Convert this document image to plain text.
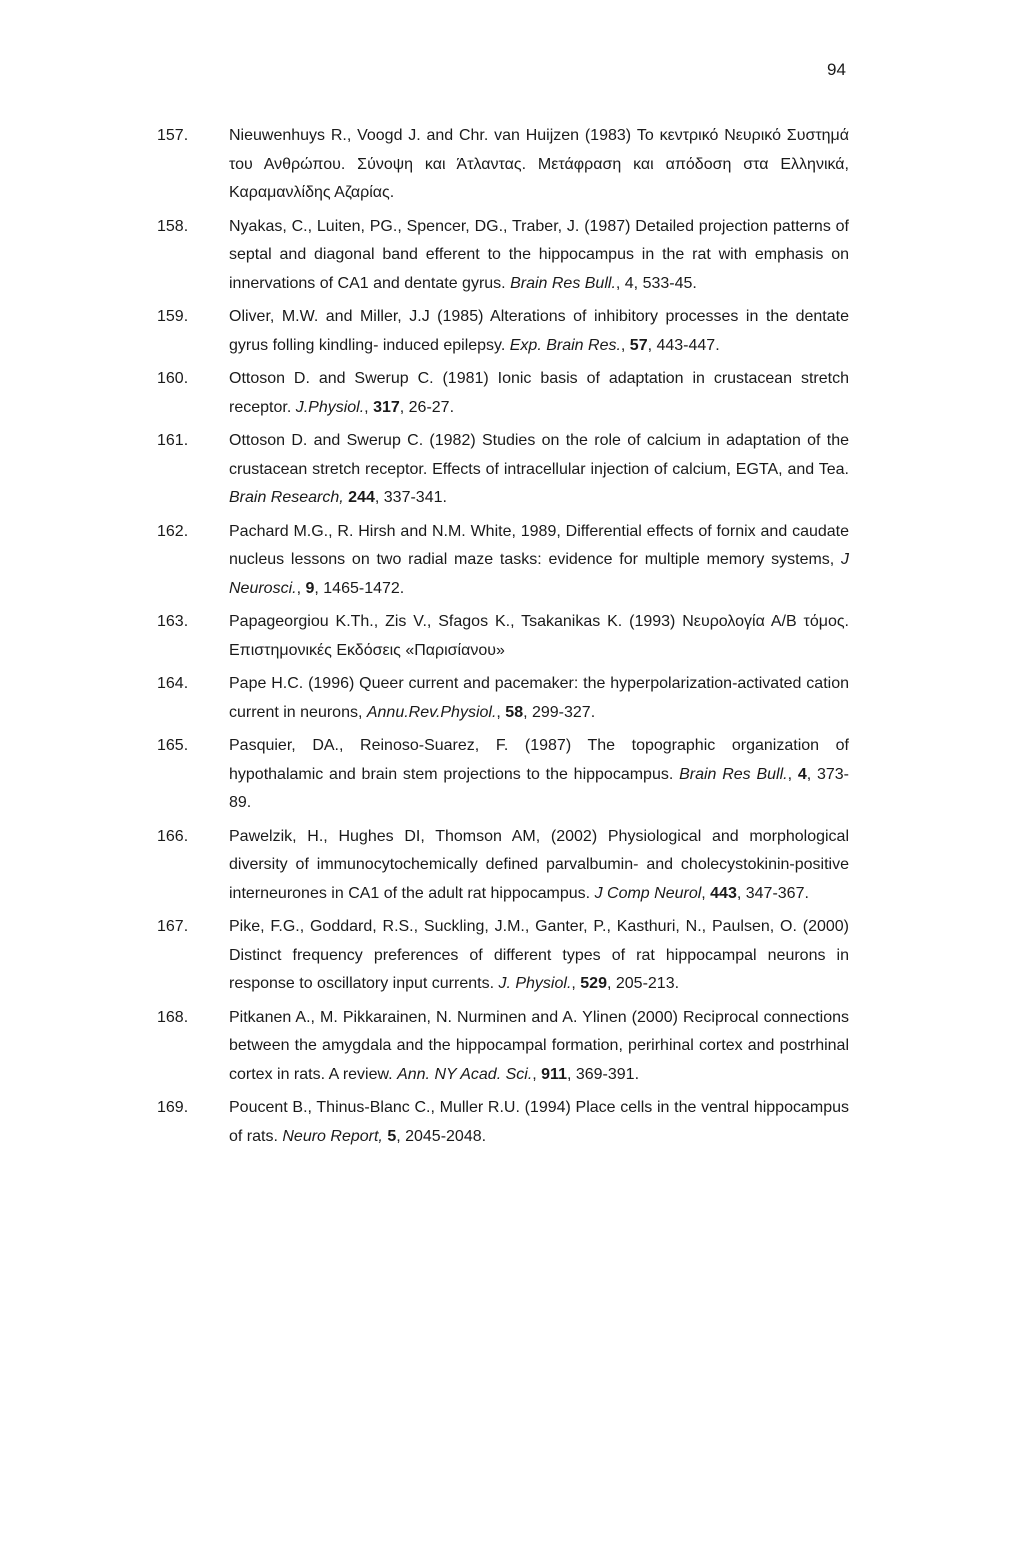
94
157.	Nieuwenhuys R., Voogd J. and Chr. van Huijzen (1983) Το κεντρικό Νευρικό Συστημά του Ανθρώπου. Σύνοψη και Άτλαντας. Μετάφραση και απόδοση στα Ελληνικά, Καραμανλίδης Αζαρίας.
158.	Nyakas, C., Luiten, PG., Spencer, DG., Traber, J. (1987) Detailed projection patterns of septal and diagonal band efferent to the hippocampus in the rat with emphasis on innervations of CA1 and dentate gyrus. Brain Res Bull., 4, 533-45.
159.	Oliver, M.W. and Miller, J.J (1985) Alterations of inhibitory processes in the dentate gyrus folling kindling- induced epilepsy. Exp. Brain Res., 57, 443-447.
160.	Ottoson D. and Swerup C. (1981) Ionic basis of adaptation in crustacean stretch receptor. J.Physiol., 317, 26-27.
161.	Ottoson D. and Swerup C. (1982) Studies on the role of calcium in adaptation of the crustacean stretch receptor. Effects of intracellular injection of calcium, EGTA, and Tea. Brain Research, 244, 337-341.
162.	Pachard M.G., R. Hirsh and N.M. White, 1989, Differential effects of fornix and caudate nucleus lessons on two radial maze tasks: evidence for multiple memory systems, J Neurosci., 9, 1465-1472.
163.	Papageorgiou K.Th., Zis V., Sfagos K., Tsakanikas K. (1993) Νευρολογία Α/Β τόμος. Επιστημονικές Εκδόσεις «Παρισίανου»
164.	Pape H.C. (1996) Queer current and pacemaker: the hyperpolarization-activated cation current in neurons, Annu.Rev.Physiol., 58, 299-327.
165.	Pasquier, DA., Reinoso-Suarez, F. (1987) The topographic organization of hypothalamic and brain stem projections to the hippocampus. Brain Res Bull., 4, 373-89.
166.	Pawelzik, H., Hughes DI, Thomson AM, (2002) Physiological and morphological diversity of immunocytochemically defined parvalbumin- and cholecystokinin-positive interneurones in CA1 of the adult rat hippocampus. J Comp Neurol, 443, 347-367.
167.	Pike, F.G., Goddard, R.S., Suckling, J.M., Ganter, P., Kasthuri, N., Paulsen, O. (2000) Distinct frequency preferences of different types of rat hippocampal neurons in response to oscillatory input currents. J. Physiol., 529, 205-213.
168.	Pitkanen A., M. Pikkarainen, N. Nurminen and A. Ylinen (2000) Reciprocal connections between the amygdala and the hippocampal formation, perirhinal cortex and postrhinal cortex in rats. A review. Ann. NY Acad. Sci., 911, 369-391.
169.	Poucent B., Thinus-Blanc C., Muller R.U. (1994) Place cells in the ventral hippocampus of rats. Neuro Report, 5, 2045-2048.
